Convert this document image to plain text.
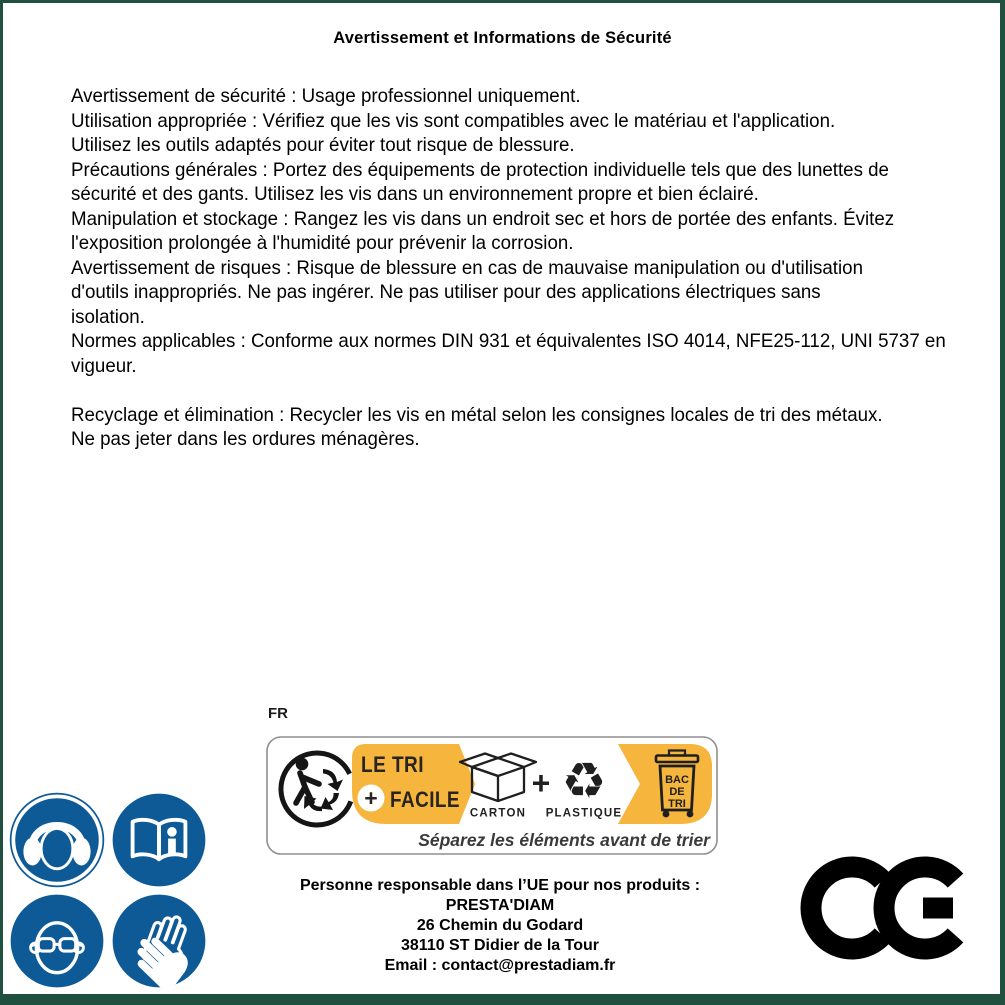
Avertissement et Informations de Sécurité
Avertissement de sécurité : Usage professionnel uniquement.
Utilisation appropriée : Vérifiez que les vis sont compatibles avec le matériau et l'application.
Utilisez les outils adaptés pour éviter tout risque de blessure.
Précautions générales : Portez des équipements de protection individuelle tels que des lunettes de
sécurité et des gants. Utilisez les vis dans un environnement propre et bien éclairé.
Manipulation et stockage : Rangez les vis dans un endroit sec et hors de portée des enfants. Évitez
l'exposition prolongée à l'humidité pour prévenir la corrosion.
Avertissement de risques : Risque de blessure en cas de mauvaise manipulation ou d'utilisation
d'outils inappropriés. Ne pas ingérer. Ne pas utiliser pour des applications électriques sans
isolation.
Normes applicables : Conforme aux normes DIN 931 et équivalentes ISO 4014, NFE25-112, UNI 5737 en
vigueur.
Recyclage et élimination : Recycler les vis en métal selon les consignes locales de tri des métaux.
Ne pas jeter dans les ordures ménagères.
FR
LE TRI
+ FACILE
CARTON
+ ♻
PLASTIQUE
BAC
DE
TRI
Séparez les éléments avant de trier
Personne responsable dans l’UE pour nos produits :
PRESTA'DIAM
26 Chemin du Godard
38110 ST Didier de la Tour
Email : contact@prestadiam.fr
